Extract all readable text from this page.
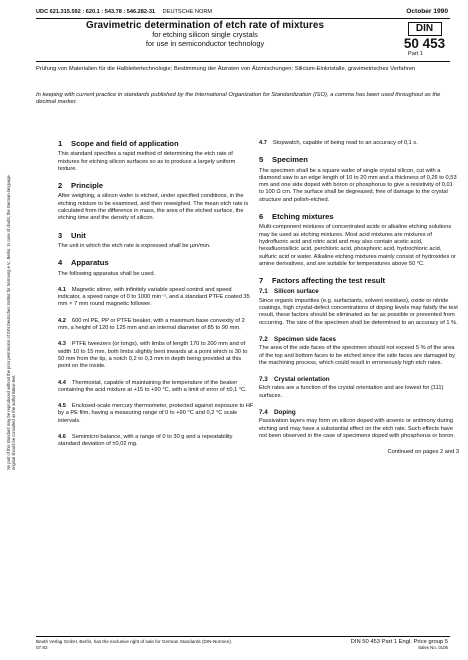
UDC 621.315.592 : 620.1 : 543.78 : 546.282-31 DEUTSCHE NORM	October 1990
Gravimetric determination of etch rate of mixtures
for etching silicon single crystals
for use in semiconductor technology
DIN
50 453
Part 1
Prüfung von Materialien für die Halbleitertechnologie; Bestimmung der Ätzraten von Ätzmischungen; Silicium-Einkristalle, gravimetrisches Verfahren
In keeping with current practice in standards published by the International Organization for Standardization (ISO), a comma has been used throughout as the decimal marker.
No part of this standard may be reproduced without the prior permission of DIN Deutsches Institut für Normung e.V., Berlin. In case of doubt, the German-language original should be consulted as the authoritative text.
1 Scope and field of application

This standard specifies a rapid method of determining the etch rate of mixtures for etching silicon surfaces so as to produce a largely uniform texture.

2 Principle

After weighing, a silicon wafer is etched, under specified conditions, in the etching mixture to be examined, and then reweighed. The mean etch rate is calculated from the difference in mass, the area of the etched surface, the etching time and the density of silicon.

3 Unit

The unit in which the etch rate is expressed shall be µm/min.

4 Apparatus

The following apparatus shall be used.

4.1 Magnetic stirrer, with infinitely variable speed control and speed indicator, a speed range of 0 to 1000 min⁻¹, and a standard PTFE coated 35 mm × 7 mm round magnetic follower.
4.2 600 ml PE, PP or PTFE beaker, with a maximum base convexity of 2 mm, a height of 120 to 125 mm and an internal diameter of 85 to 90 mm.
4.3 PTFE tweezers (or tongs), with limbs of length 170 to 200 mm and of width 10 to 15 mm, both limbs slightly bent inwards at a point which is 30 to 50 mm from the tip, a notch 0,2 to 0,3 mm in depth being provided at this point on the inside.
4.4 Thermostat, capable of maintaining the temperature of the beaker containing the acid mixture at +15 to +90 °C, with a limit of error of ±0,1 °C.
4.5 Enclosed-scale mercury thermometer, protected against exposure to HF by a PE film, having a measuring range of 0 to +90 °C and 0,2 °C scale intervals.
4.6 Semimicro balance, with a range of 0 to 30 g and a repeatability standard deviation of ±0,02 mg.
4.7 Stopwatch, capable of being read to an accuracy of 0,1 s.
5 Specimen

The specimen shall be a square wafer of single crystal silicon, cut with a diamond saw to an edge length of 10 to 20 mm and a thickness of 0,26 to 0,53 mm and one side doped with boron or phosphorus to give a resistivity of 0,01 to 100 Ω cm. The surface shall be degreased, free of damage to the crystal structure and polish-etched.

6 Etching mixtures

Multi-component mixtures of concentrated acids or alkaline etching solutions may be used as etching mixtures. Most acid mixtures are mixtures of hydrofluoric acid and nitric acid and may also contain acetic acid, hexafluorosilicic acid, perchloric acid, phosphoric acid, hydrochloric acid, sulfuric acid or water. Alkaline etching mixtures mainly consist of hydroxides or amine derivatives, and are suitable for temperatures above 50 °C.

7 Factors affecting the test result
7.1 Silicon surface

Since organic impurities (e.g. surfactants, solvent residues), oxide or nitride coatings, high crystal-defect concentrations of doping levels may falsify the test result, these factors should be eliminated as far as possible or prevented from occurring. The size of the specimen shall be determined to an accuracy of 1 %.

7.2 Specimen side faces

The area of the side faces of the specimen should not exceed 5 % of the area of the top and bottom faces to be etched since the side faces are damaged by the machining process, which could result in erroneously high etch rates.

7.3 Crystal orientation

Etch rates are a function of the crystal orientation and are lowest for {111} surfaces.

7.4 Doping

Passivation layers may form on silicon doped with arsenic or antimony during etching and may have a substantial effect on the etch rate. Such effects have not been observed in the case of specimens doped with phosphorus or boron.

Continued on pages 2 and 3
Beuth Verlag GmbH, Berlin, has the exclusive right of sale for German Standards (DIN-Normen).
07.92
DIN 50 453 Part 1 Engl. Price group 5
Sales No. 0105
